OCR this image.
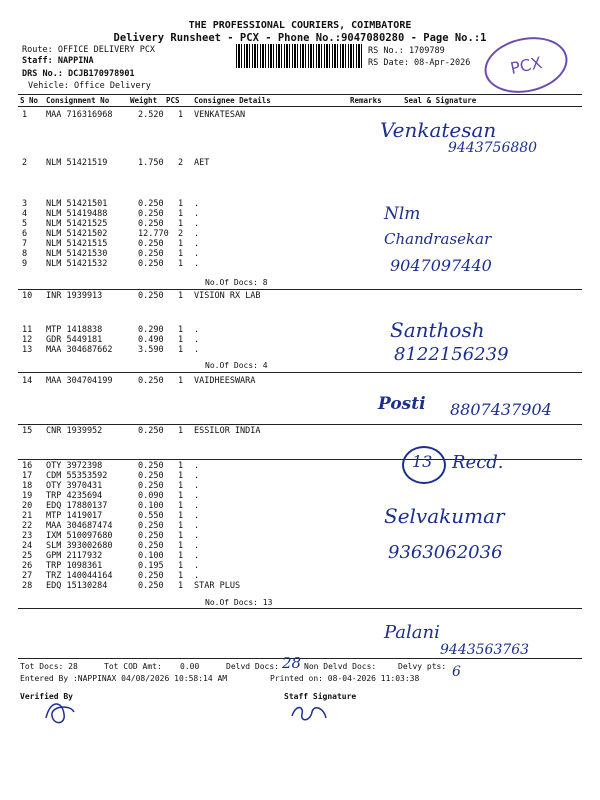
THE PROFESSIONAL COURIERS, COIMBATORE
Delivery Runsheet - PCX - Phone No.:9047080280 - Page No.:1
Route: OFFICE DELIVERY PCX
Staff: NAPPINA
DRS No.: DCJB170978901
Vehicle: Office Delivery
RS No.: 1709789
RS Date: 08-Apr-2026 PCX
S No Consignment No	Weight PCS Consignee Details	Remarks	Seal & Signature
1 MAA 716316968	2.520 1 VENKATESAN
2 NLM 51421519	1.750 2 AET
3 NLM 51421501	0.250 1 .
4 NLM 51419488	0.250 1 .
5 NLM 51421525	0.250 1 .
6 NLM 51421502	12.770 2 .
7 NLM 51421515	0.250 1 .
8 NLM 51421530	0.250 1 .
9 NLM 51421532	0.250 1 .
10 INR 1939913	0.250 1 VISION RX LAB
11 MTP 1418838	0.290 1 .
12 GDR 5449181	0.490 1 .
13 MAA 304687662	3.590 1 .
14 MAA 304704199	0.250 1 VAIDHEESWARA
15 CNR 1939952	0.250 1 ESSILOR INDIA
16 OTY 3972398	0.250 1 .
17 CDM 55353592	0.250 1 .
18 OTY 3970431	0.250 1 .
19 TRP 4235694	0.090 1 .
20 EDQ 17880137	0.100 1 .
21 MTP 1419017	0.550 1 .
22 MAA 304687474	0.250 1 .
23 IXM 510097680	0.250 1 .
24 SLM 393002680	0.250 1 .
25 GPM 2117932	0.100 1 .
26 TRP 1098361	0.195 1 .
27 TRZ 140044164	0.250 1 .
28 EDQ 15130284	0.250 1 STAR PLUS
No.Of Docs: 8
No.Of Docs: 4
No.Of Docs: 13
Venkatesan
9443756880
Nlm
Chandrasekar
9047097440
Santhosh
8122156239
Posti 8807437904
13 Recd.
Selvakumar
9363062036
Palani
9443563763
Tot Docs: 28	Tot COD Amt: 0.00	Delvd Docs: 28 Non Delvd Docs:	Delvy pts: 6
Entered By :NAPPINAX 04/08/2026 10:58:14 AM	Printed on: 08-04-2026 11:03:38
Verified By	Staff Signature
